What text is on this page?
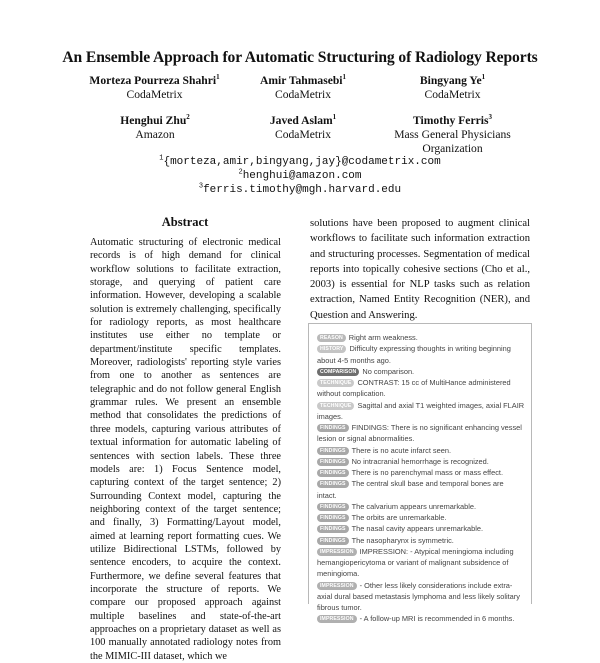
An Ensemble Approach for Automatic Structuring of Radiology Reports
Morteza Pourreza Shahri$^1$
CodaMetrix
Amir Tahmasebi$^1$
CodaMetrix
Bingyang Ye$^1$
CodaMetrix
Henghui Zhu$^2$
Amazon
Javed Aslam$^1$
CodaMetrix
Timothy Ferris$^3$
Mass General Physicians
Organization
$^1${morteza,amir,bingyang,jay}@codametrix.com
$^2$henghui@amazon.com
$^3$ferris.timothy@mgh.harvard.edu
Abstract
Automatic structuring of electronic medical records is of high demand for clinical workflow solutions to facilitate extraction, storage, and querying of patient care information. However, developing a scalable solution is extremely challenging, specifically for radiology reports, as most healthcare institutes use either no template or department/institute specific templates. Moreover, radiologists' reporting style varies from one to another as sentences are telegraphic and do not follow general English grammar rules. We present an ensemble method that consolidates the predictions of three models, capturing various attributes of textual information for automatic labeling of sentences with section labels. These three models are: 1) Focus Sentence model, capturing context of the target sentence; 2) Surrounding Context model, capturing the neighboring context of the target sentence; and finally, 3) Formatting/Layout model, aimed at learning report formatting cues. We utilize Bidirectional LSTMs, followed by sentence encoders, to acquire the context. Furthermore, we define several features that incorporate the structure of reports. We compare our proposed approach against multiple baselines and state-of-the-art approaches on a proprietary dataset as well as 100 manually annotated radiology notes from the MIMIC-III dataset, which we
solutions have been proposed to augment clinical workflows to facilitate such information extraction and structuring processes. Segmentation of medical reports into topically cohesive sections (Cho et al., 2003) is essential for NLP tasks such as relation extraction, Named Entity Recognition (NER), and Question and Answering.
REASON Right arm weakness.
HISTORY Difficulty expressing thoughts in writing beginning about 4-5 months ago.
COMPARISON No comparison.
TECHNIQUE CONTRAST: 15 cc of MultiHance administered without complication.
TECHNIQUE Sagittal and axial T1 weighted images, axial FLAIR images.
FINDINGS FINDINGS: There is no significant enhancing vessel lesion or signal abnormalities.
FINDINGS There is no acute infarct seen.
FINDINGS No intracranial hemorrhage is recognized.
FINDINGS There is no parenchymal mass or mass effect.
FINDINGS The central skull base and temporal bones are intact.
FINDINGS The calvarium appears unremarkable.
FINDINGS The orbits are unremarkable.
FINDINGS The nasal cavity appears unremarkable.
FINDINGS The nasopharynx is symmetric.
IMPRESSION IMPRESSION: - Atypical meningioma including hemangiopericytoma or variant of malignant subsidence of meningioma.
IMPRESSION - Other less likely considerations include extra-axial dural based metastasis lymphoma and less likely solitary fibrous tumor.
IMPRESSION - A follow-up MRI is recommended in 6 months.
